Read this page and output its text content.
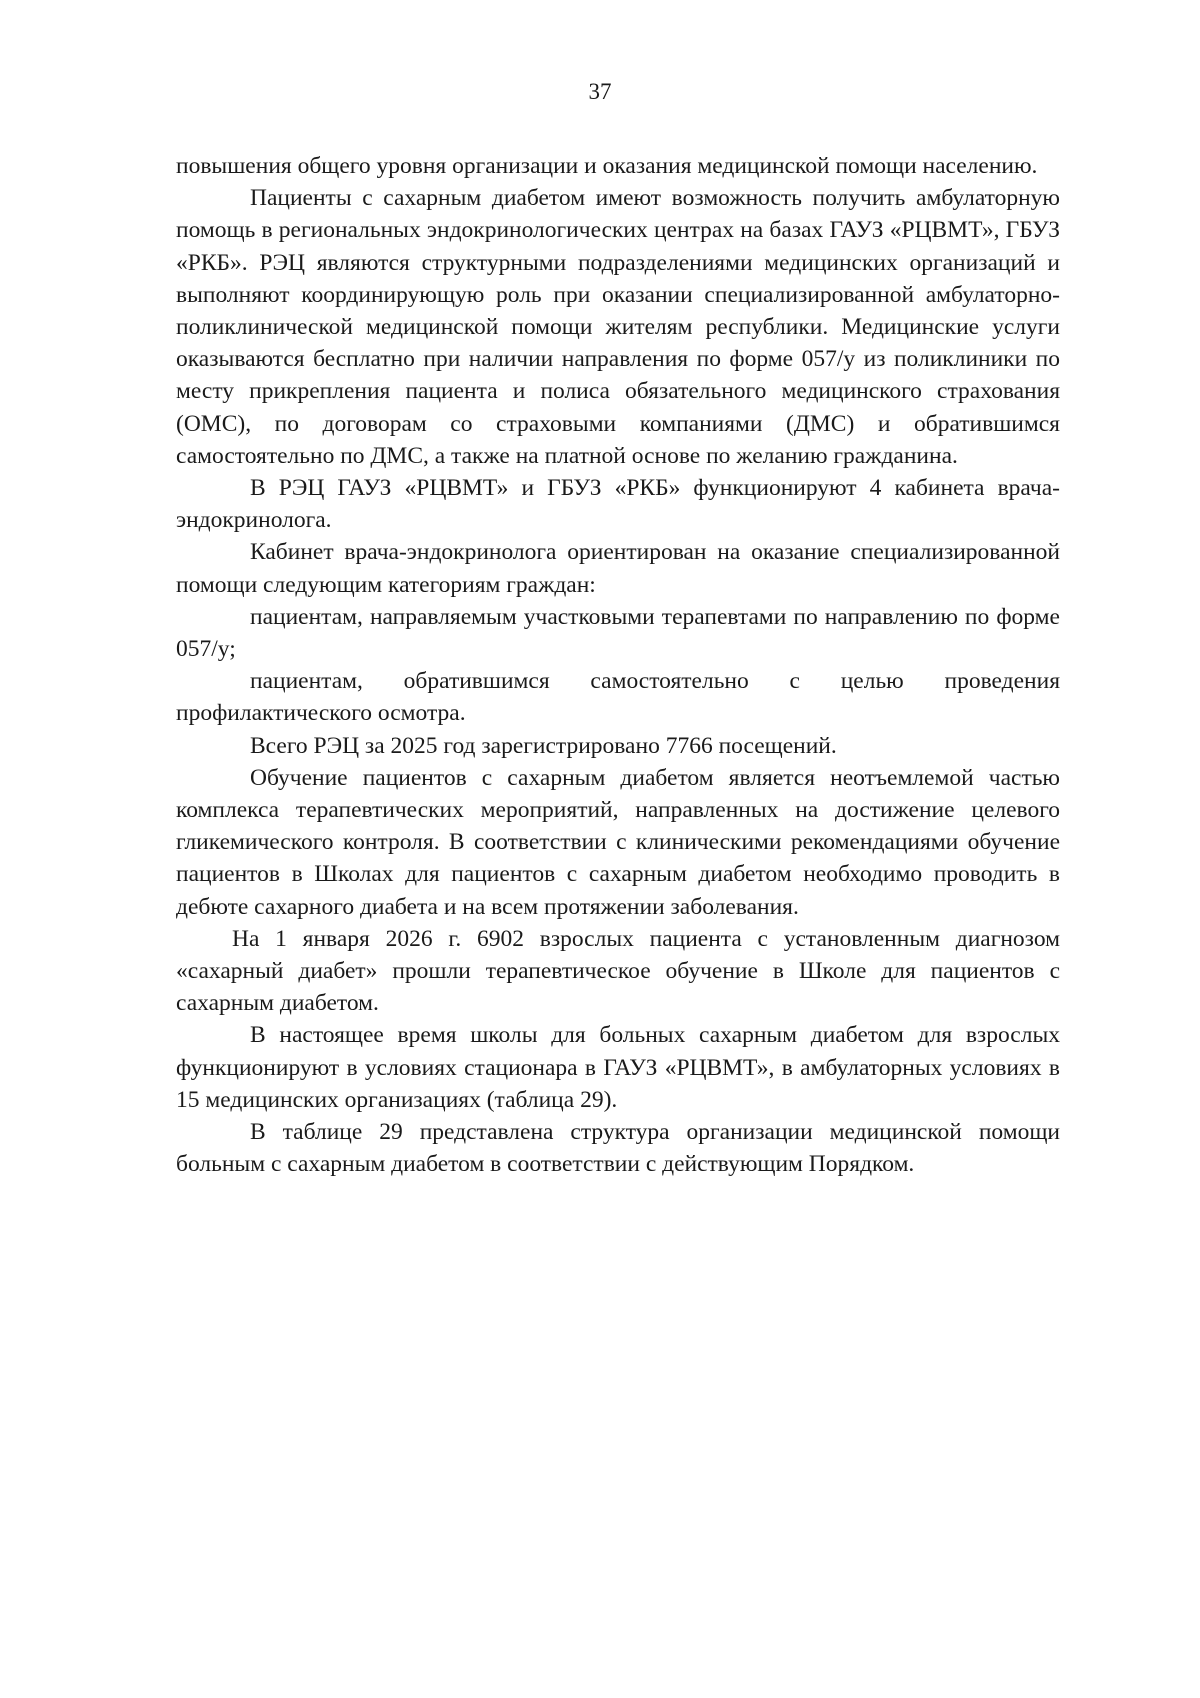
37

повышения общего уровня организации и оказания медицинской помощи населению.

Пациенты с сахарным диабетом имеют возможность получить амбулаторную помощь в региональных эндокринологических центрах на базах ГАУЗ «РЦВМТ», ГБУЗ «РКБ». РЭЦ являются структурными подразделениями медицинских организаций и выполняют координирующую роль при оказании специализированной амбулаторно-поликлинической медицинской помощи жителям республики. Медицинские услуги оказываются бесплатно при наличии направления по форме 057/у из поликлиники по месту прикрепления пациента и полиса обязательного медицинского страхования (ОМС), по договорам со страховыми компаниями (ДМС) и обратившимся самостоятельно по ДМС, а также на платной основе по желанию гражданина.

В РЭЦ ГАУЗ «РЦВМТ» и ГБУЗ «РКБ» функционируют 4 кабинета врача-эндокринолога.

Кабинет врача-эндокринолога ориентирован на оказание специализированной помощи следующим категориям граждан:

пациентам, направляемым участковыми терапевтами по направлению по форме 057/у;

пациентам, обратившимся самостоятельно с целью проведения профилактического осмотра.

Всего РЭЦ за 2025 год зарегистрировано 7766 посещений.

Обучение пациентов с сахарным диабетом является неотъемлемой частью комплекса терапевтических мероприятий, направленных на достижение целевого гликемического контроля. В соответствии с клиническими рекомендациями обучение пациентов в Школах для пациентов с сахарным диабетом необходимо проводить в дебюте сахарного диабета и на всем протяжении заболевания.

На 1 января 2026 г. 6902 взрослых пациента с установленным диагнозом «сахарный диабет» прошли терапевтическое обучение в Школе для пациентов с сахарным диабетом.

В настоящее время школы для больных сахарным диабетом для взрослых функционируют в условиях стационара в ГАУЗ «РЦВМТ», в амбулаторных условиях в 15 медицинских организациях (таблица 29).

В таблице 29 представлена структура организации медицинской помощи больным с сахарным диабетом в соответствии с действующим Порядком.
